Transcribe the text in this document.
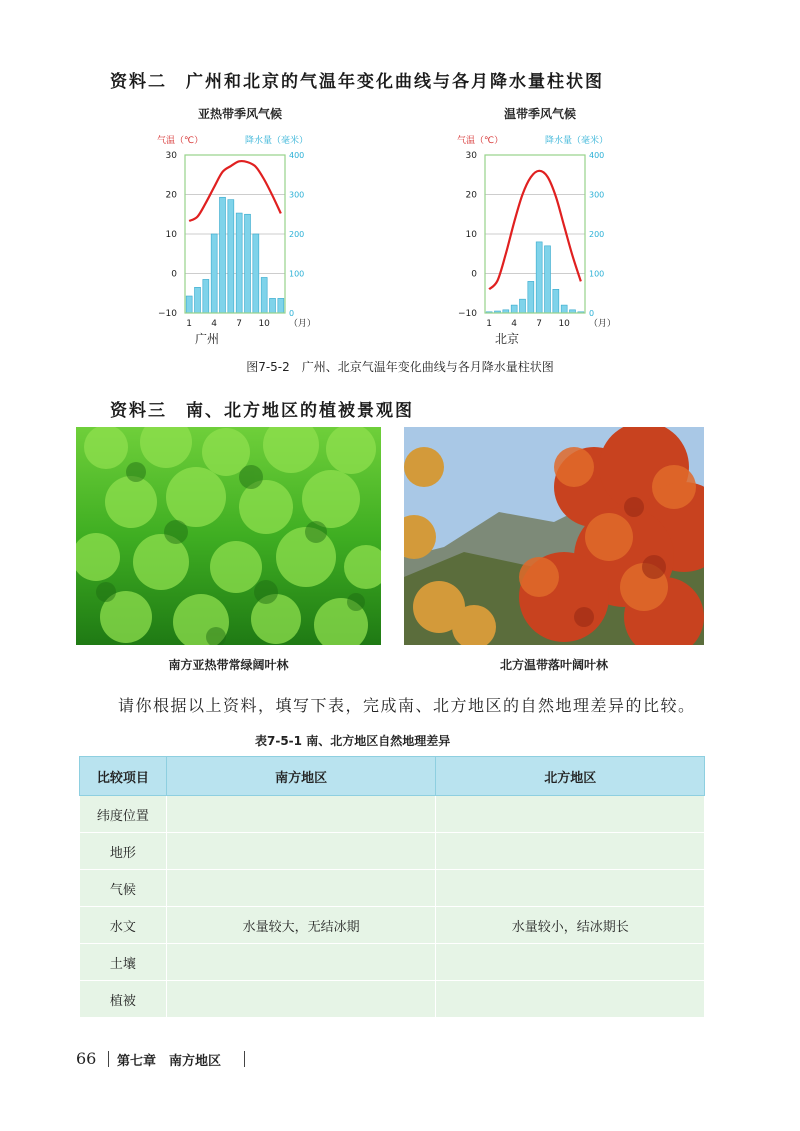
资料二　广州和北京的气温年变化曲线与各月降水量柱状图
亚热带季风气候
气温（℃）	降水量（毫米）
30
20
10
0
−10
400
300
200
100
0
1 4 7 10 （月）
广州
温带季风气候
气温（℃）	降水量（毫米）
30
20
10
0
−10
400
300
200
100
0
1 4 7 10 （月）
北京
图7-5-2　广州、北京气温年变化曲线与各月降水量柱状图
资料三　南、北方地区的植被景观图
南方亚热带常绿阔叶林	北方温带落叶阔叶林
请你根据以上资料，填写下表，完成南、北方地区的自然地理差异的比较。
表7-5-1 南、北方地区自然地理差异
比较项目	南方地区	北方地区
纬度位置		
地形		
气候		
水文	水量较大，无结冰期	水量较小，结冰期长
土壤		
植被		
66 第七章　南方地区
